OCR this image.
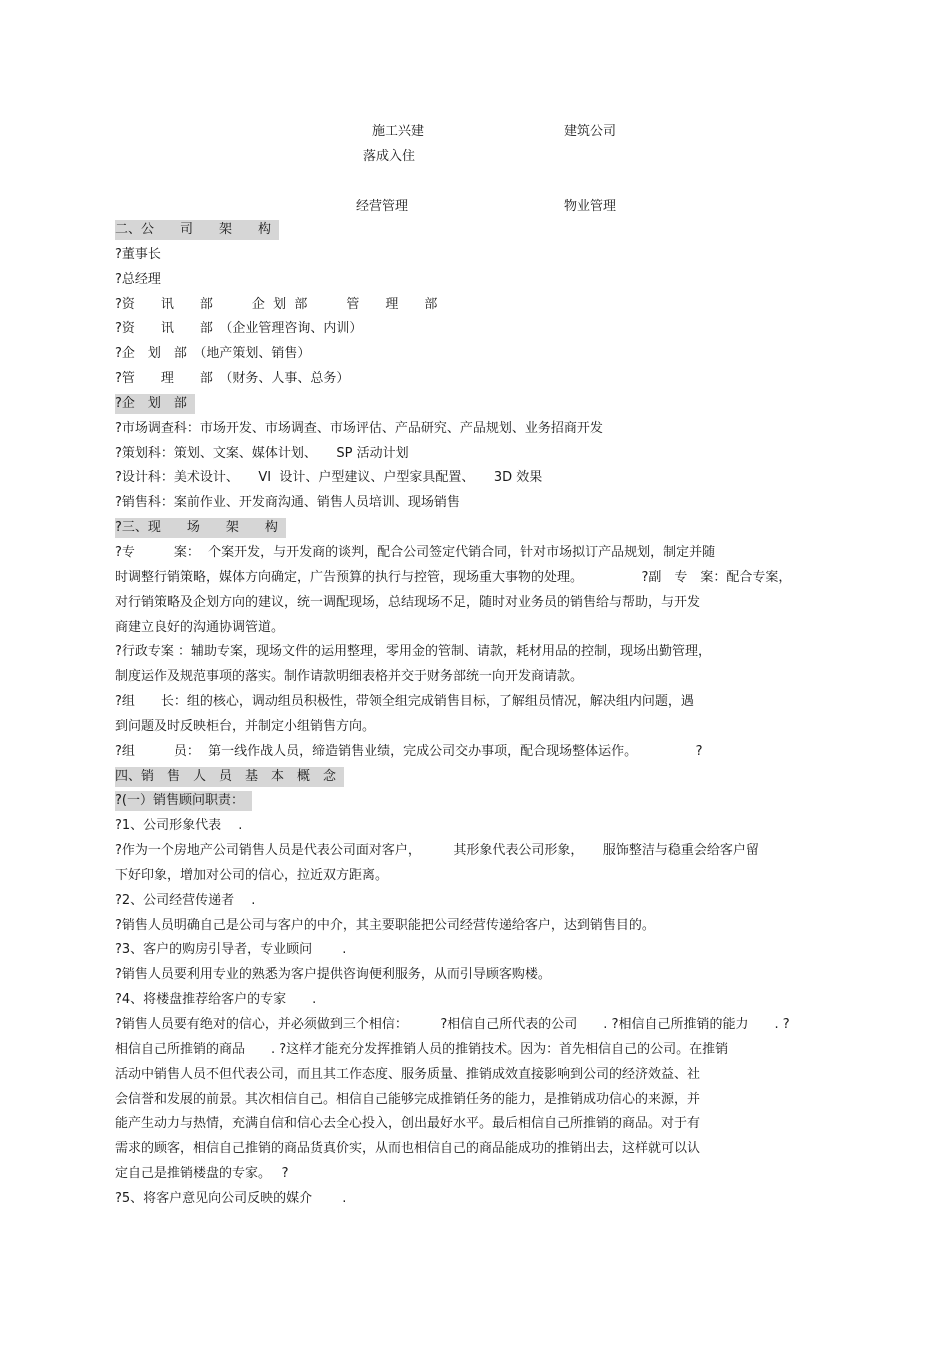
施工兴建	建筑公司
落成入住
经营管理	物业管理
二、公　　司　　架　　构
?董事长
?总经理
?资　　讯　　部　　　企  划  部　　　管　　理　　部
?资　　讯　　部　（企业管理咨询、内训）
?企　划　部　（地产策划、销售）
?管　　理　　部　（财务、人事、总务）
?企　划　部
?市场调查科：市场开发、市场调查、市场评估、产品研究、产品规划、业务招商开发
?策划科：策划、文案、媒体计划、　　SP 活动计划
?设计科：美术设计、　　VI  设计、户型建议、户型家具配置、　　3D 效果
?销售科：案前作业、开发商沟通、销售人员培训、现场销售
?三、现　　场　　架　　构
?专　　　案：  个案开发，与开发商的谈判，配合公司签定代销合同，针对市场拟订产品规划，制定并随
时调整行销策略，媒体方向确定，广告预算的执行与控管，现场重大事物的处理。　　　　　?副　专　案：配合专案，
对行销策略及企划方向的建议，统一调配现场，总结现场不足，随时对业务员的销售给与帮助，与开发
商建立良好的沟通协调管道。
?行政专案 ：辅助专案，现场文件的运用整理，零用金的管制、请款，耗材用品的控制，现场出勤管理，
制度运作及规范事项的落实。制作请款明细表格并交于财务部统一向开发商请款。
?组　　长：组的核心，调动组员积极性，带领全组完成销售目标，了解组员情况，解决组内问题，遇
到问题及时反映柜台，并制定小组销售方向。
?组　　　员：  第一线作战人员，缔造销售业绩，完成公司交办事项，配合现场整体运作。　　　　　?
四、销　售　人　员　基　本　概　念
?(一）销售顾问职责：
?1、公司形象代表　 .
?作为一个房地产公司销售人员是代表公司面对客户，　　　其形象代表公司形象，　　服饰整洁与稳重会给客户留
下好印象，增加对公司的信心，拉近双方距离。
?2、公司经营传递者　 .
?销售人员明确自己是公司与客户的中介，其主要职能把公司经营传递给客户，达到销售目的。
?3、客户的购房引导者，专业顾问　　 .
?销售人员要利用专业的熟悉为客户提供咨询便利服务，从而引导顾客购楼。
?4、将楼盘推荐给客户的专家　　.
?销售人员要有绝对的信心，并必须做到三个相信：　　　?相信自己所代表的公司　　. ?相信自己所推销的能力　　. ?
相信自己所推销的商品　　. ?这样才能充分发挥推销人员的推销技术。因为：首先相信自己的公司。在推销
活动中销售人员不但代表公司，而且其工作态度、服务质量、推销成效直接影响到公司的经济效益、社
会信誉和发展的前景。其次相信自己。相信自己能够完成推销任务的能力，是推销成功信心的来源，并
能产生动力与热情，充满自信和信心去全心投入，创出最好水平。最后相信自己所推销的商品。对于有
需求的顾客，相信自己推销的商品货真价实，从而也相信自己的商品能成功的推销出去，这样就可以认
定自己是推销楼盘的专家。　 ?
?5、将客户意见向公司反映的媒介　　 .
